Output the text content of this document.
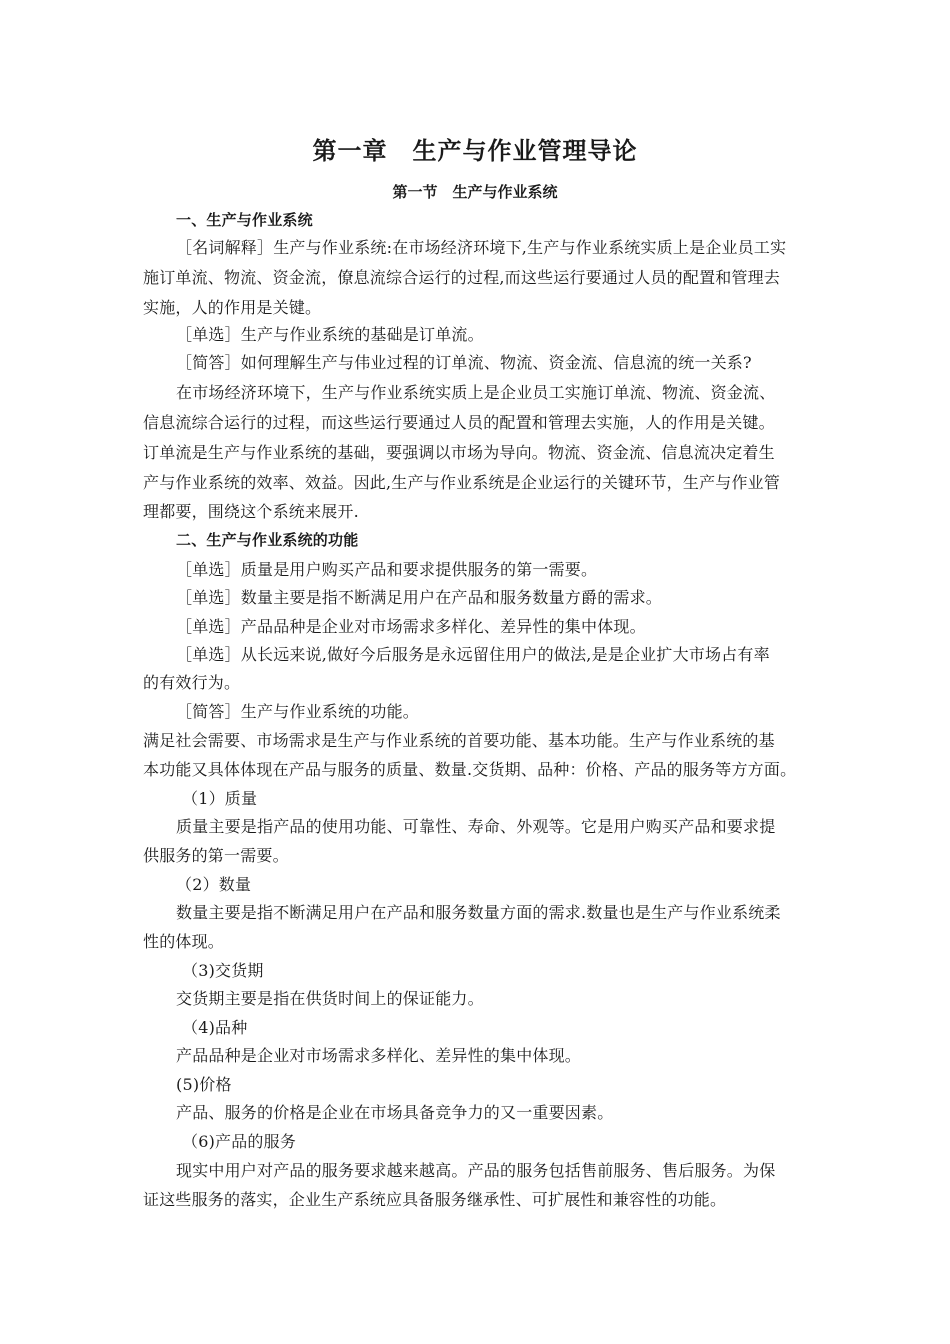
第一章　生产与作业管理导论
第一节　生产与作业系统
一、生产与作业系统
［名词解释］生产与作业系统:在市场经济环境下,生产与作业系统实质上是企业员工实
施订单流、物流、资金流，僚息流综合运行的过程,而这些运行要通过人员的配置和管理去
实施，人的作用是关键。
［单选］生产与作业系统的基础是订单流。
［简答］如何理解生产与伟业过程的订单流、物流、资金流、信息流的统一关系?
在市场经济环境下，生产与作业系统实质上是企业员工实施订单流、物流、资金流、
信息流综合运行的过程，而这些运行要通过人员的配置和管理去实施，人的作用是关键。
订单流是生产与作业系统的基础，要强调以市场为导向。物流、资金流、信息流决定着生
产与作业系统的效率、效益。因此,生产与作业系统是企业运行的关键环节，生产与作业管
理都要，围绕这个系统来展开.
二、生产与作业系统的功能
［单选］质量是用户购买产品和要求提供服务的第一需要。
［单选］数量主要是指不断满足用户在产品和服务数量方爵的需求。
［单选］产品品种是企业对市场需求多样化、差异性的集中体现。
［单选］从长远来说,做好今后服务是永远留住用户的做法,是是企业扩大市场占有率
的有效行为。
［简答］生产与作业系统的功能。
满足社会需要、市场需求是生产与作业系统的首要功能、基本功能。生产与作业系统的基
本功能又具体体现在产品与服务的质量、数量.交货期、品种：价格、产品的服务等方方面。
（1）质量
质量主要是指产品的使用功能、可靠性、寿命、外观等。它是用户购买产品和要求提
供服务的第一需要。
（2）数量
数量主要是指不断满足用户在产品和服务数量方面的需求.数量也是生产与作业系统柔
性的体现。
（3)交货期
交货期主要是指在供货时间上的保证能力。
（4)品种
产品品种是企业对市场需求多样化、差异性的集中体现。
(5)价格
产品、服务的价格是企业在市场具备竞争力的又一重要因素。
（6)产品的服务
现实中用户对产品的服务要求越来越高。产品的服务包括售前服务、售后服务。为保
证这些服务的落实，企业生产系统应具备服务继承性、可扩展性和兼容性的功能。
